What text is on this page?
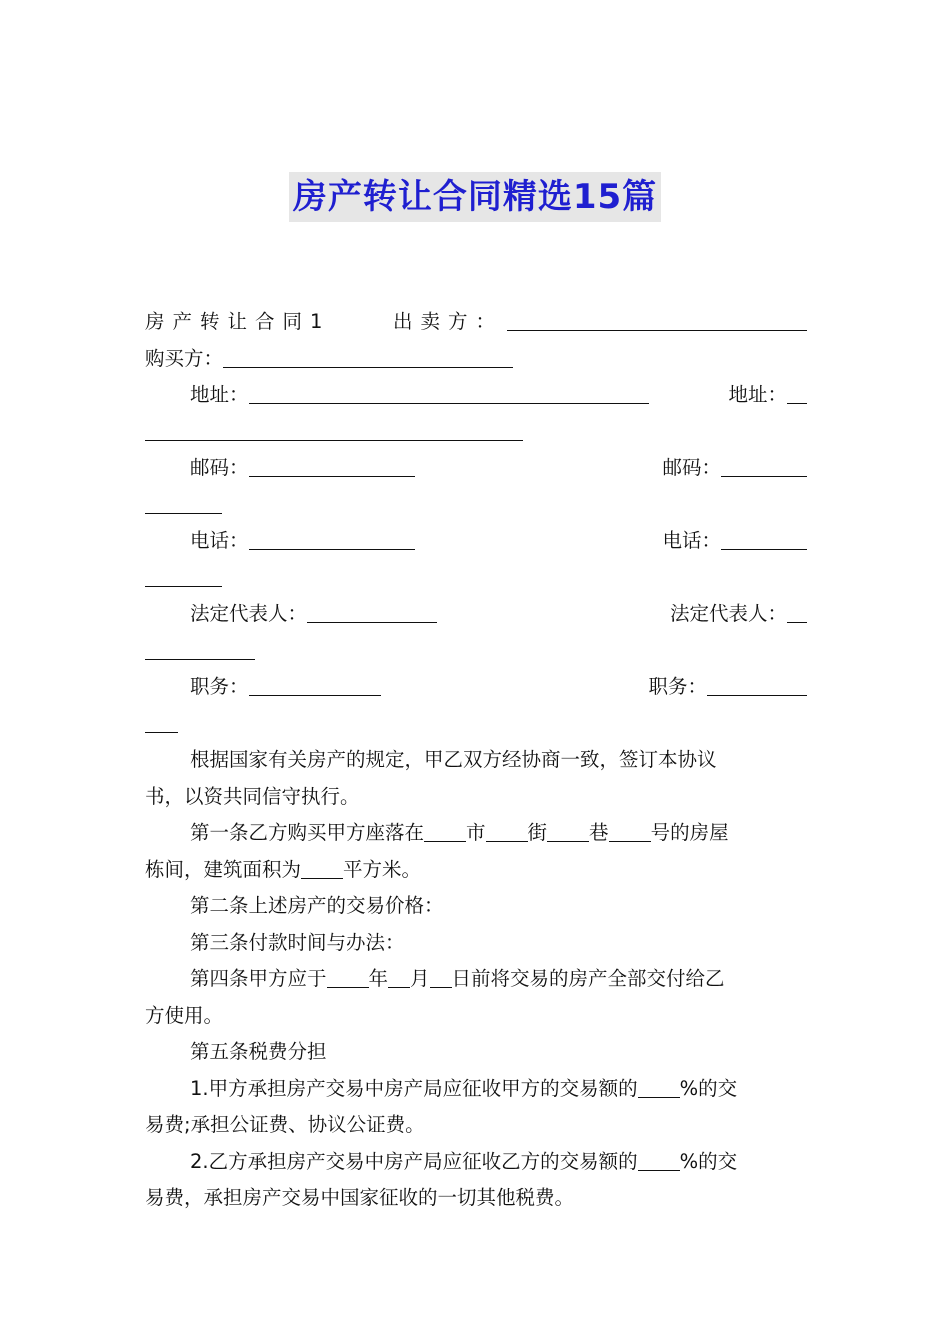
房产转让合同精选15篇
房产转让合同1	出卖方：
购买方：
地址：	地址：
邮码：	邮码：
电话：	电话：
法定代表人：	法定代表人：
职务：	职务：
根据国家有关房产的规定，甲乙双方经协商一致，签订本协议
书，以资共同信守执行。
第一条乙方购买甲方座落在 市 街 巷 号的房屋
栋间，建筑面积为 平方米。
第二条上述房产的交易价格：
第三条付款时间与办法：
第四条甲方应于 年 月 日前将交易的房产全部交付给乙
方使用。
第五条税费分担
1.甲方承担房产交易中房产局应征收甲方的交易额的 %的交
易费;承担公证费、协议公证费。
2.乙方承担房产交易中房产局应征收乙方的交易额的 %的交
易费，承担房产交易中国家征收的一切其他税费。
